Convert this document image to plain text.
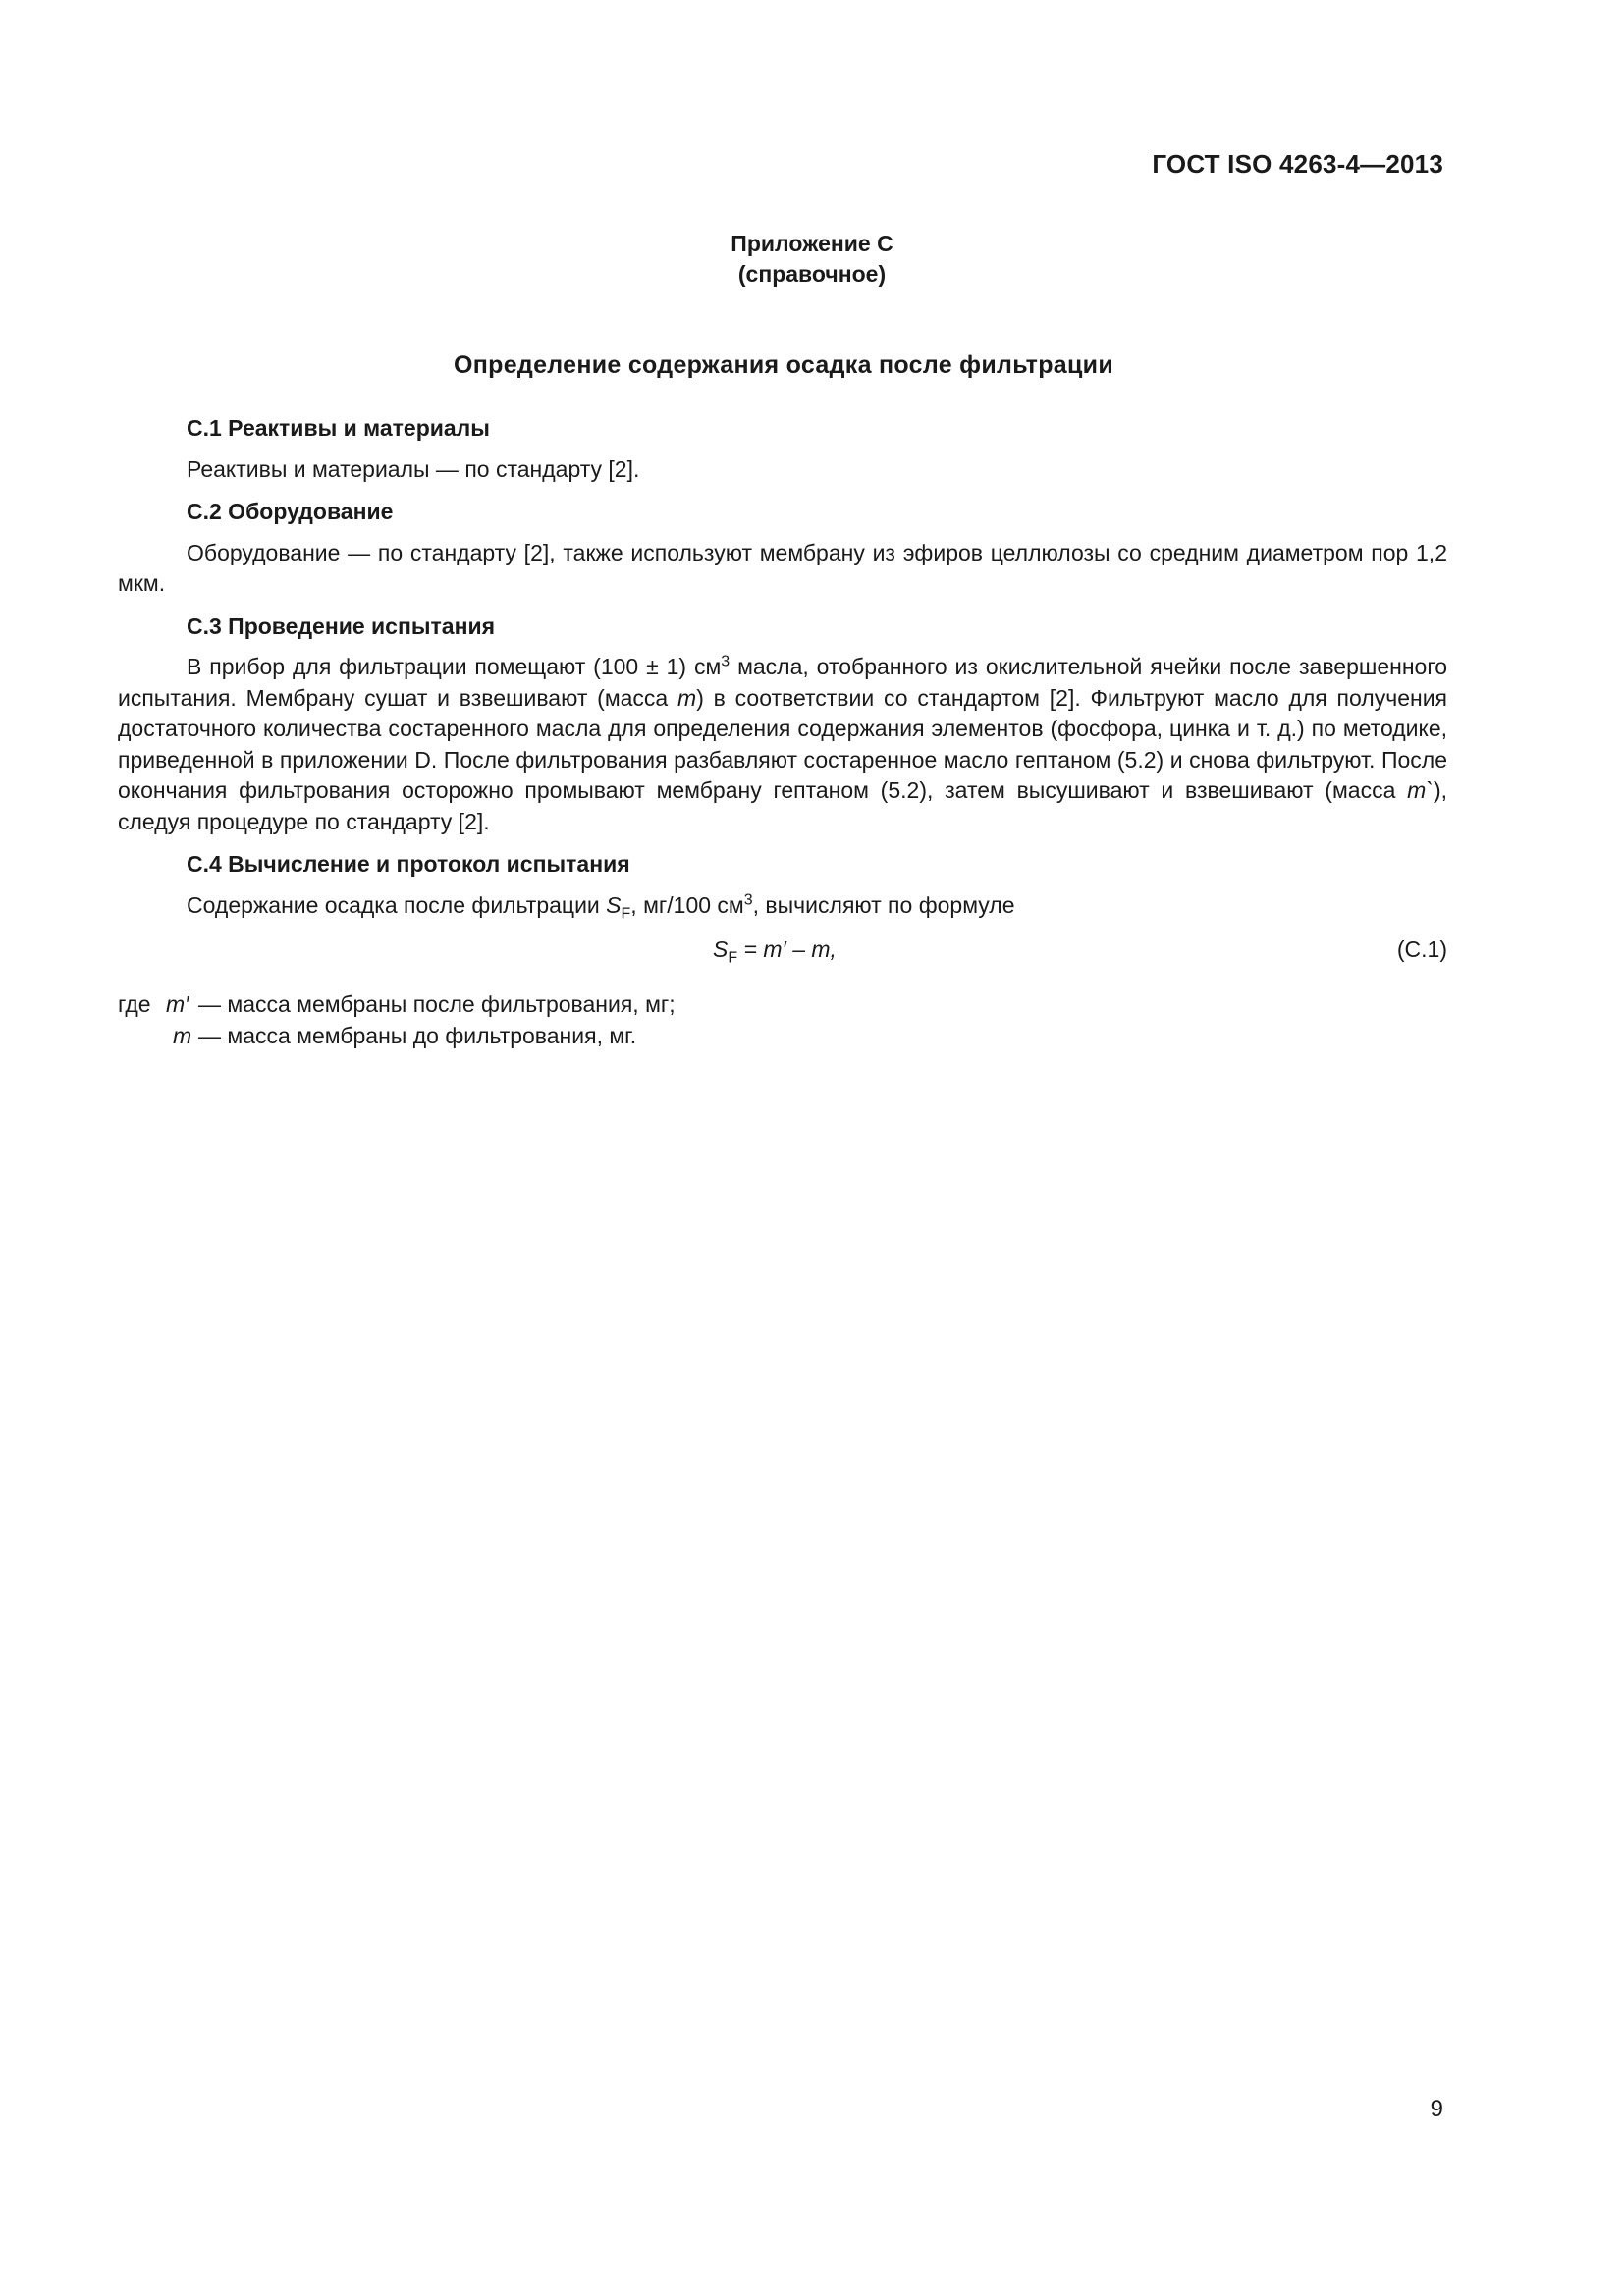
ГОСТ ISO 4263-4—2013
Приложение С
(справочное)
Определение содержания осадка после фильтрации

С.1 Реактивы и материалы

Реактивы и материалы — по стандарту [2].

С.2 Оборудование

Оборудование — по стандарту [2], также используют мембрану из эфиров целлюлозы со средним диаметром пор 1,2 мкм.

С.3 Проведение испытания

В прибор для фильтрации помещают (100 ± 1) $см^3$ масла, отобранного из окислительной ячейки после завершенного испытания. Мембрану сушат и взвешивают (масса m) в соответствии со стандартом [2]. Фильтруют масло для получения достаточного количества состаренного масла для определения содержания элементов (фосфора, цинка и т. д.) по методике, приведенной в приложении D. После фильтрования разбавляют состаренное масло гептаном (5.2) и снова фильтруют. После окончания фильтрования осторожно промывают мембрану гептаном (5.2), затем высушивают и взвешивают (масса m`), следуя процедуре по стандарту [2].

С.4 Вычисление и протокол испытания

Содержание осадка после фильтрации $S_F$, мг/100 $см^3$, вычисляют по формуле

$S_F = m' - m$,	(С.1)
где m′ — масса мембраны после фильтрования, мг;
m — масса мембраны до фильтрования, мг.
9
